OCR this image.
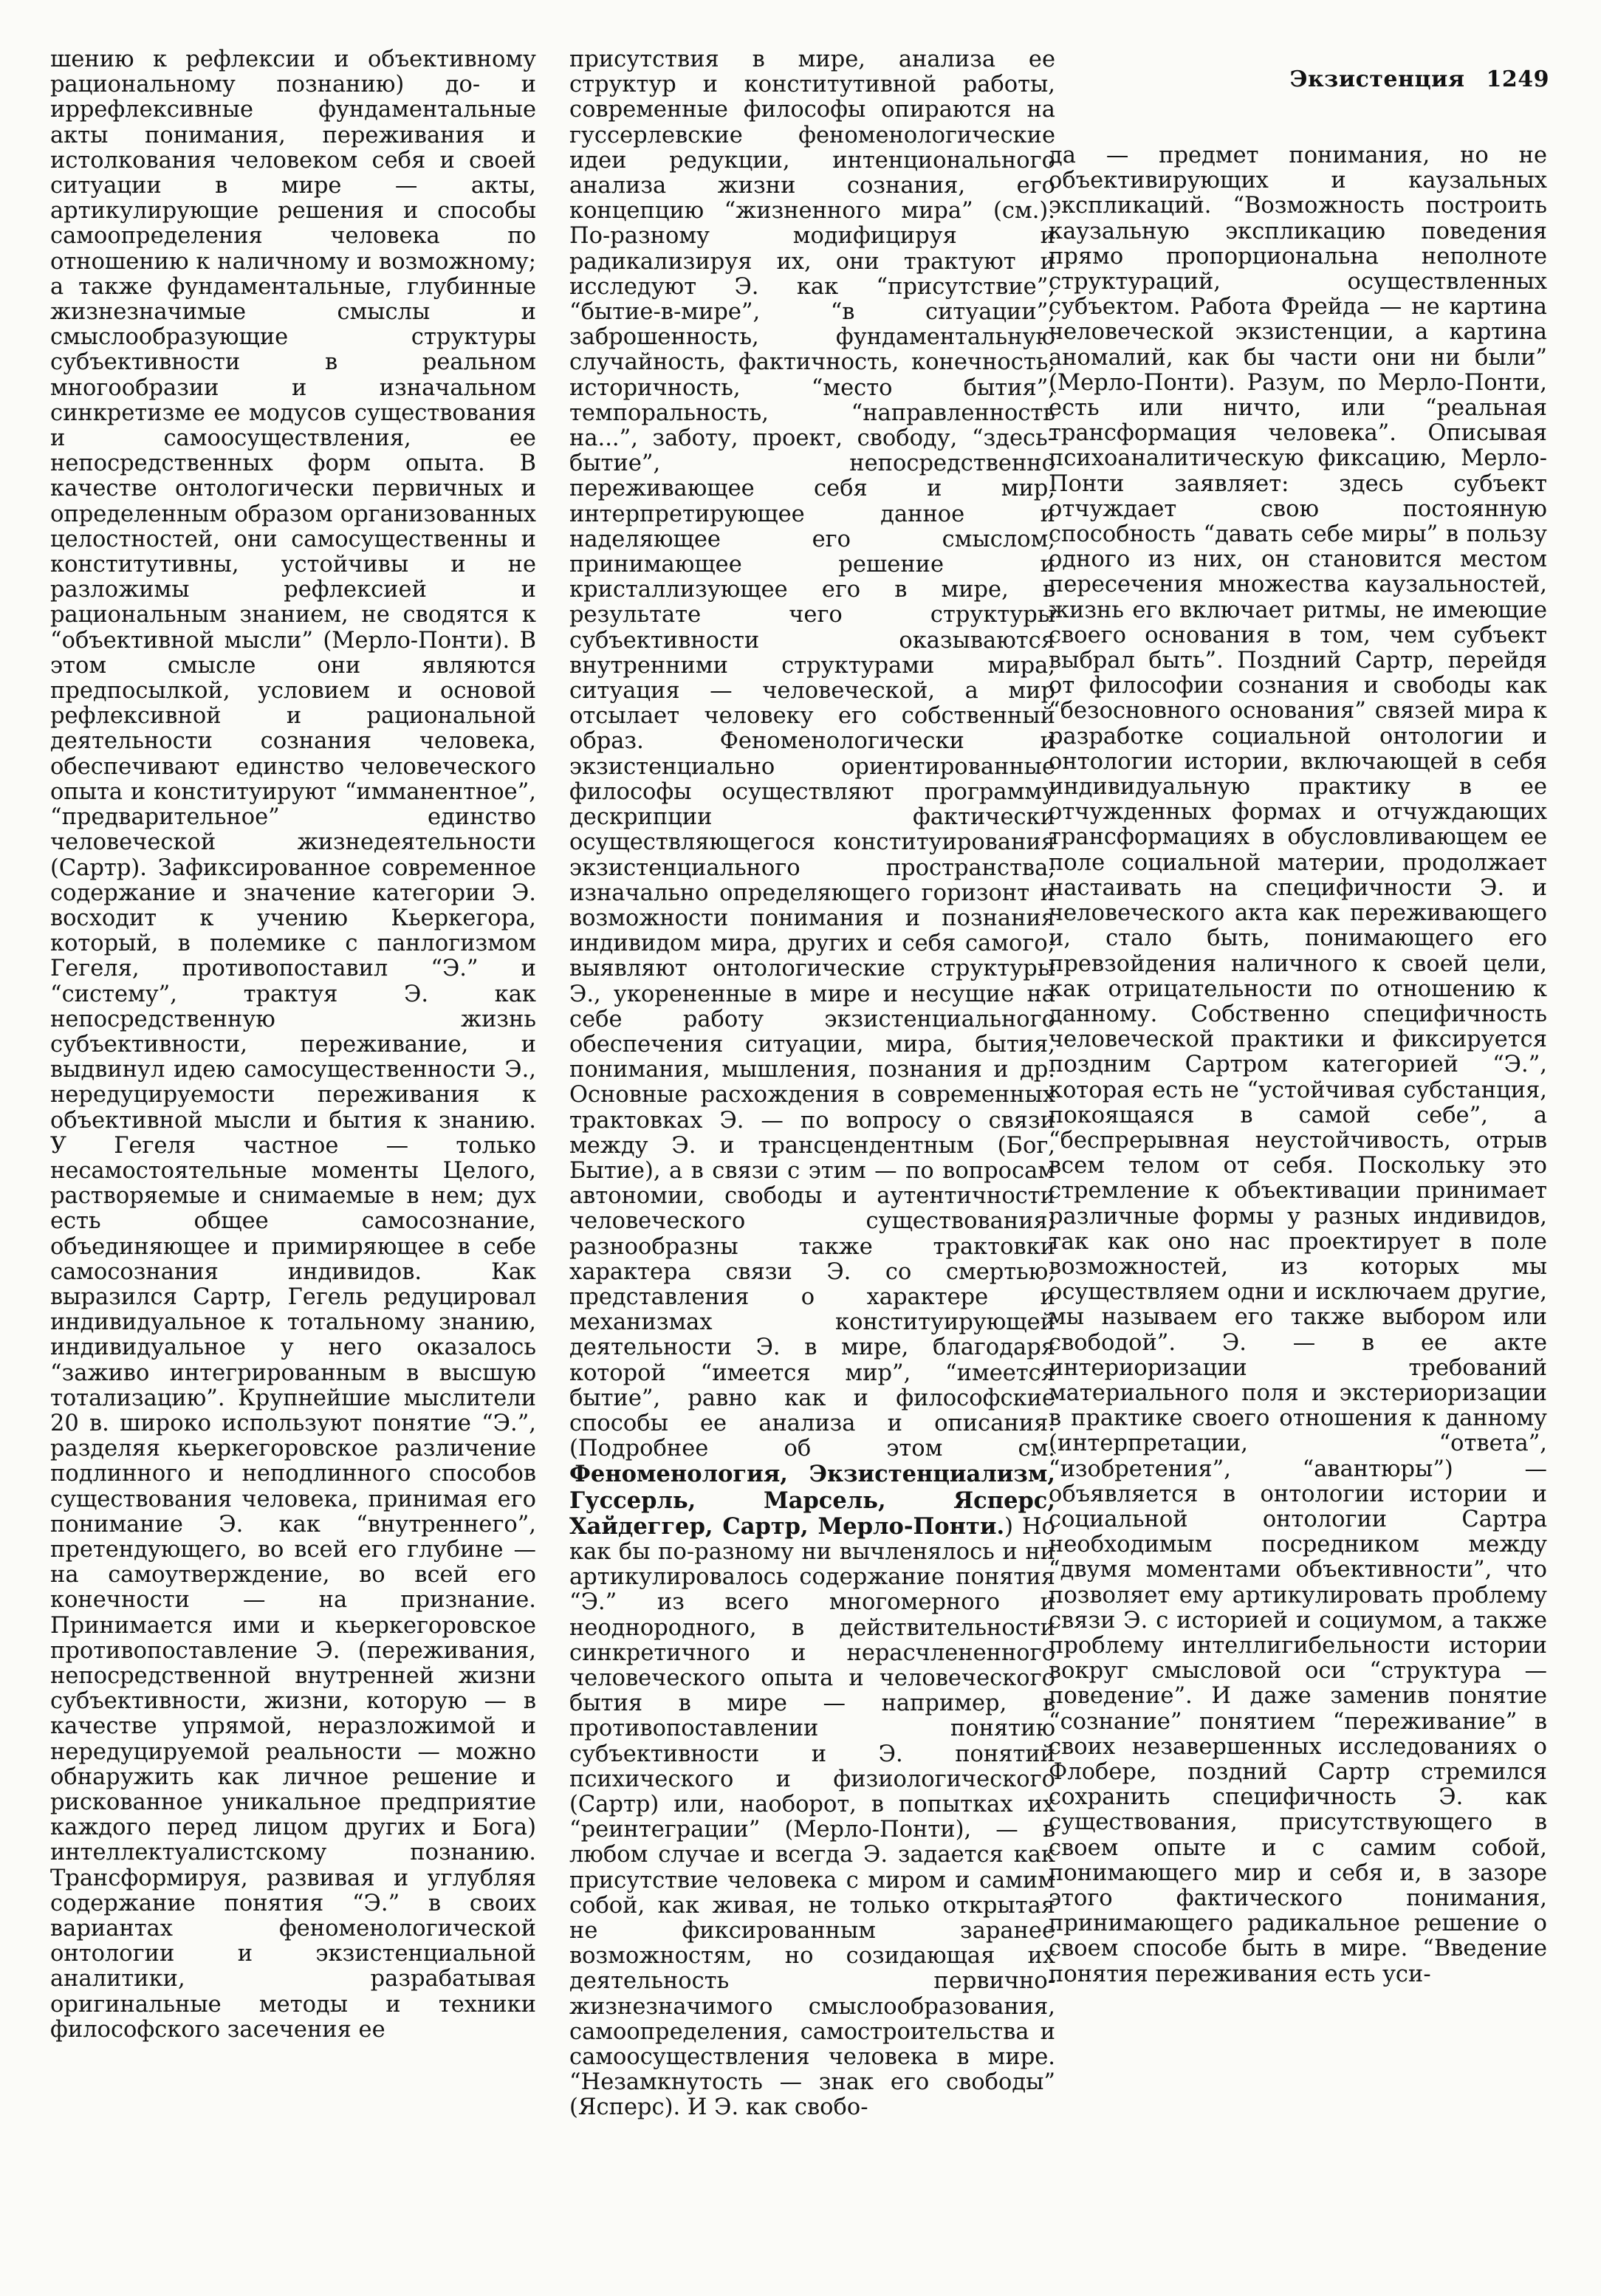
Экзистенция 1249

шению к рефлексии и объективному рациональному познанию) до- и иррефлексивные фундаментальные акты понимания, переживания и истолкования человеком себя и своей ситуации в мире — акты, артикулирующие решения и способы самоопределения человека по отношению к наличному и возможному; а также фундаментальные, глубинные жизнезначимые смыслы и смыслообразующие структуры субъективности в реальном многообразии и изначальном синкретизме ее модусов существования и самоосуществления, ее непосредственных форм опыта. В качестве онтологически первичных и определенным образом организованных целостностей, они самосущественны и конститутивны, устойчивы и не разложимы рефлексией и рациональным знанием, не сводятся к “объективной мысли” (Мерло-Понти). В этом смысле они являются предпосылкой, условием и основой рефлексивной и рациональной деятельности сознания человека, обеспечивают единство человеческого опыта и конституируют “имманентное”, “предварительное” единство человеческой жизнедеятельности (Сартр). Зафиксированное современное содержание и значение категории Э. восходит к учению Кьеркегора, который, в полемике с панлогизмом Гегеля, противопоставил “Э.” и “систему”, трактуя Э. как непосредственную жизнь субъективности, переживание, и выдвинул идею самосущественности Э., нередуцируемости переживания к объективной мысли и бытия к знанию. У Гегеля частное — только несамостоятельные моменты Целого, растворяемые и снимаемые в нем; дух есть общее самосознание, объединяющее и примиряющее в себе самосознания индивидов. Как выразился Сартр, Гегель редуцировал индивидуальное к тотальному знанию, индивидуальное у него оказалось “заживо интегрированным в высшую тотализацию”. Крупнейшие мыслители 20 в. широко используют понятие “Э.”, разделяя кьеркегоровское различение подлинного и неподлинного способов существования человека, принимая его понимание Э. как “внутреннего”, претендующего, во всей его глубине — на самоутверждение, во всей его конечности — на признание. Принимается ими и кьеркегоровское противопоставление Э. (переживания, непосредственной внутренней жизни субъективности, жизни, которую — в качестве упрямой, неразложимой и нередуцируемой реальности — можно обнаружить как личное решение и рискованное уникальное предприятие каждого перед лицом других и Бога) интеллектуалистскому познанию. Трансформируя, развивая и углубляя содержание понятия “Э.” в своих вариантах феноменологической онтологии и экзистенциальной аналитики, разрабатывая оригинальные методы и техники философского засечения ее

присутствия в мире, анализа ее структур и конститутивной работы, современные философы опираются на гуссерлевские феноменологические идеи редукции, интенционального анализа жизни сознания, его концепцию “жизненного мира” (см.). По-разному модифицируя и радикализируя их, они трактуют и исследуют Э. как “присутствие”, “бытие-в-мире”, “в ситуации”, заброшенность, фундаментальную случайность, фактичность, конечность, историчность, “место бытия”, темпоральность, “направленность на...”, заботу, проект, свободу, “здесь-бытие”, непосредственно переживающее себя и мир, интерпретирующее данное и наделяющее его смыслом, принимающее решение и кристаллизующее его в мире, в результате чего структуры субъективности оказываются внутренними структурами мира, ситуация — человеческой, а мир отсылает человеку его собственный образ. Феноменологически и экзистенциально ориентированные философы осуществляют программу дескрипции фактически осуществляющегося конституирования экзистенциального пространства, изначально определяющего горизонт и возможности понимания и познания индивидом мира, других и себя самого; выявляют онтологические структуры Э., укорененные в мире и несущие на себе работу экзистенциального обеспечения ситуации, мира, бытия, понимания, мышления, познания и др. Основные расхождения в современных трактовках Э. — по вопросу о связи между Э. и трансцендентным (Бог, Бытие), а в связи с этим — по вопросам автономии, свободы и аутентичности человеческого существования; разнообразны также трактовки характера связи Э. со смертью, представления о характере и механизмах конституирующей деятельности Э. в мире, благодаря которой “имеется мир”, “имеется бытие”, равно как и философские способы ее анализа и описания. (Подробнее об этом см. Феноменология, Экзистенциализм, Гуссерль, Марсель, Ясперс, Хайдеггер, Сартр, Мерло-Понти.) Но как бы по-разному ни вычленялось и ни артикулировалось содержание понятия “Э.” из всего многомерного и неоднородного, в действительности синкретичного и нерасчлененного человеческого опыта и человеческого бытия в мире — например, в противопоставлении понятию субъективности и Э. понятий психического и физиологического (Сартр) или, наоборот, в попытках их “реинтеграции” (Мерло-Понти), — в любом случае и всегда Э. задается как присутствие человека с миром и самим собой, как живая, не только открытая не фиксированным заранее возможностям, но созидающая их деятельность первично-жизнезначимого смыслообразования, самоопределения, самостроительства и самоосуществления человека в мире. “Незамкнутость — знак его свободы” (Ясперс). И Э. как свобо-

да — предмет понимания, но не объективирующих и каузальных экспликаций. “Возможность построить каузальную экспликацию поведения прямо пропорциональна неполноте структураций, осуществленных субъектом. Работа Фрейда — не картина человеческой экзистенции, а картина аномалий, как бы части они ни были” (Мерло-Понти). Разум, по Мерло-Понти, есть или ничто, или “реальная трансформация человека”. Описывая психоаналитическую фиксацию, Мерло-Понти заявляет: здесь субъект отчуждает свою постоянную способность “давать себе миры” в пользу одного из них, он становится местом пересечения множества каузальностей, жизнь его включает ритмы, не имеющие своего основания в том, чем субъект выбрал быть”. Поздний Сартр, перейдя от философии сознания и свободы как “безосновного основания” связей мира к разработке социальной онтологии и онтологии истории, включающей в себя индивидуальную практику в ее отчужденных формах и отчуждающих трансформациях в обусловливающем ее поле социальной материи, продолжает настаивать на специфичности Э. и человеческого акта как переживающего и, стало быть, понимающего его превзойдения наличного к своей цели, как отрицательности по отношению к данному. Собственно специфичность человеческой практики и фиксируется поздним Сартром категорией “Э.”, которая есть не “устойчивая субстанция, покоящаяся в самой себе”, а “беспрерывная неустойчивость, отрыв всем телом от себя. Поскольку это стремление к объективации принимает различные формы у разных индивидов, так как оно нас проектирует в поле возможностей, из которых мы осуществляем одни и исключаем другие, мы называем его также выбором или свободой”. Э. — в ее акте интериоризации требований материального поля и экстериоризации в практике своего отношения к данному (интерпретации, “ответа”, “изобретения”, “авантюры”) — объявляется в онтологии истории и социальной онтологии Сартра необходимым посредником между “двумя моментами объективности”, что позволяет ему артикулировать проблему связи Э. с историей и социумом, а также проблему интеллигибельности истории вокруг смысловой оси “структура — поведение”. И даже заменив понятие “сознание” понятием “переживание” в своих незавершенных исследованиях о Флобере, поздний Сартр стремился сохранить специфичность Э. как существования, присутствующего в своем опыте и с самим собой, понимающего мир и себя и, в зазоре этого фактического понимания, принимающего радикальное решение о своем способе быть в мире. “Введение понятия переживания есть уси-
